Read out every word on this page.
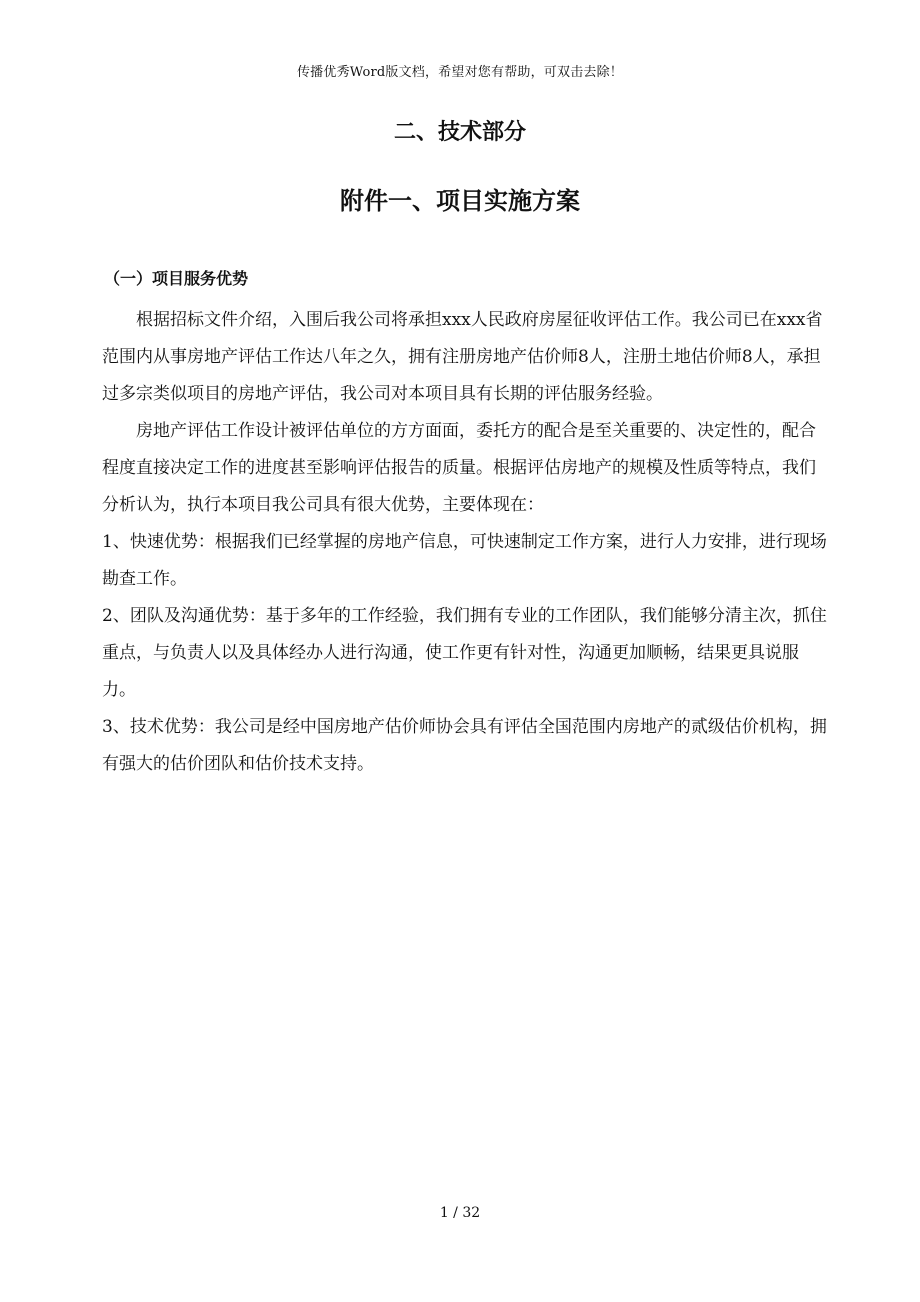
传播优秀Word版文档，希望对您有帮助，可双击去除！
二、技术部分
附件一、项目实施方案
（一）项目服务优势

根据招标文件介绍，入围后我公司将承担xxx人民政府房屋征收评估工作。我公司已在xxx省范围内从事房地产评估工作达八年之久，拥有注册房地产估价师8人，注册土地估价师8人，承担过多宗类似项目的房地产评估，我公司对本项目具有长期的评估服务经验。

房地产评估工作设计被评估单位的方方面面，委托方的配合是至关重要的、决定性的，配合程度直接决定工作的进度甚至影响评估报告的质量。根据评估房地产的规模及性质等特点，我们分析认为，执行本项目我公司具有很大优势，主要体现在：

1、快速优势：根据我们已经掌握的房地产信息，可快速制定工作方案，进行人力安排，进行现场勘查工作。

2、团队及沟通优势：基于多年的工作经验，我们拥有专业的工作团队，我们能够分清主次，抓住重点，与负责人以及具体经办人进行沟通，使工作更有针对性，沟通更加顺畅，结果更具说服力。

3、技术优势：我公司是经中国房地产估价师协会具有评估全国范围内房地产的贰级估价机构，拥有强大的估价团队和估价技术支持。

1 / 32
